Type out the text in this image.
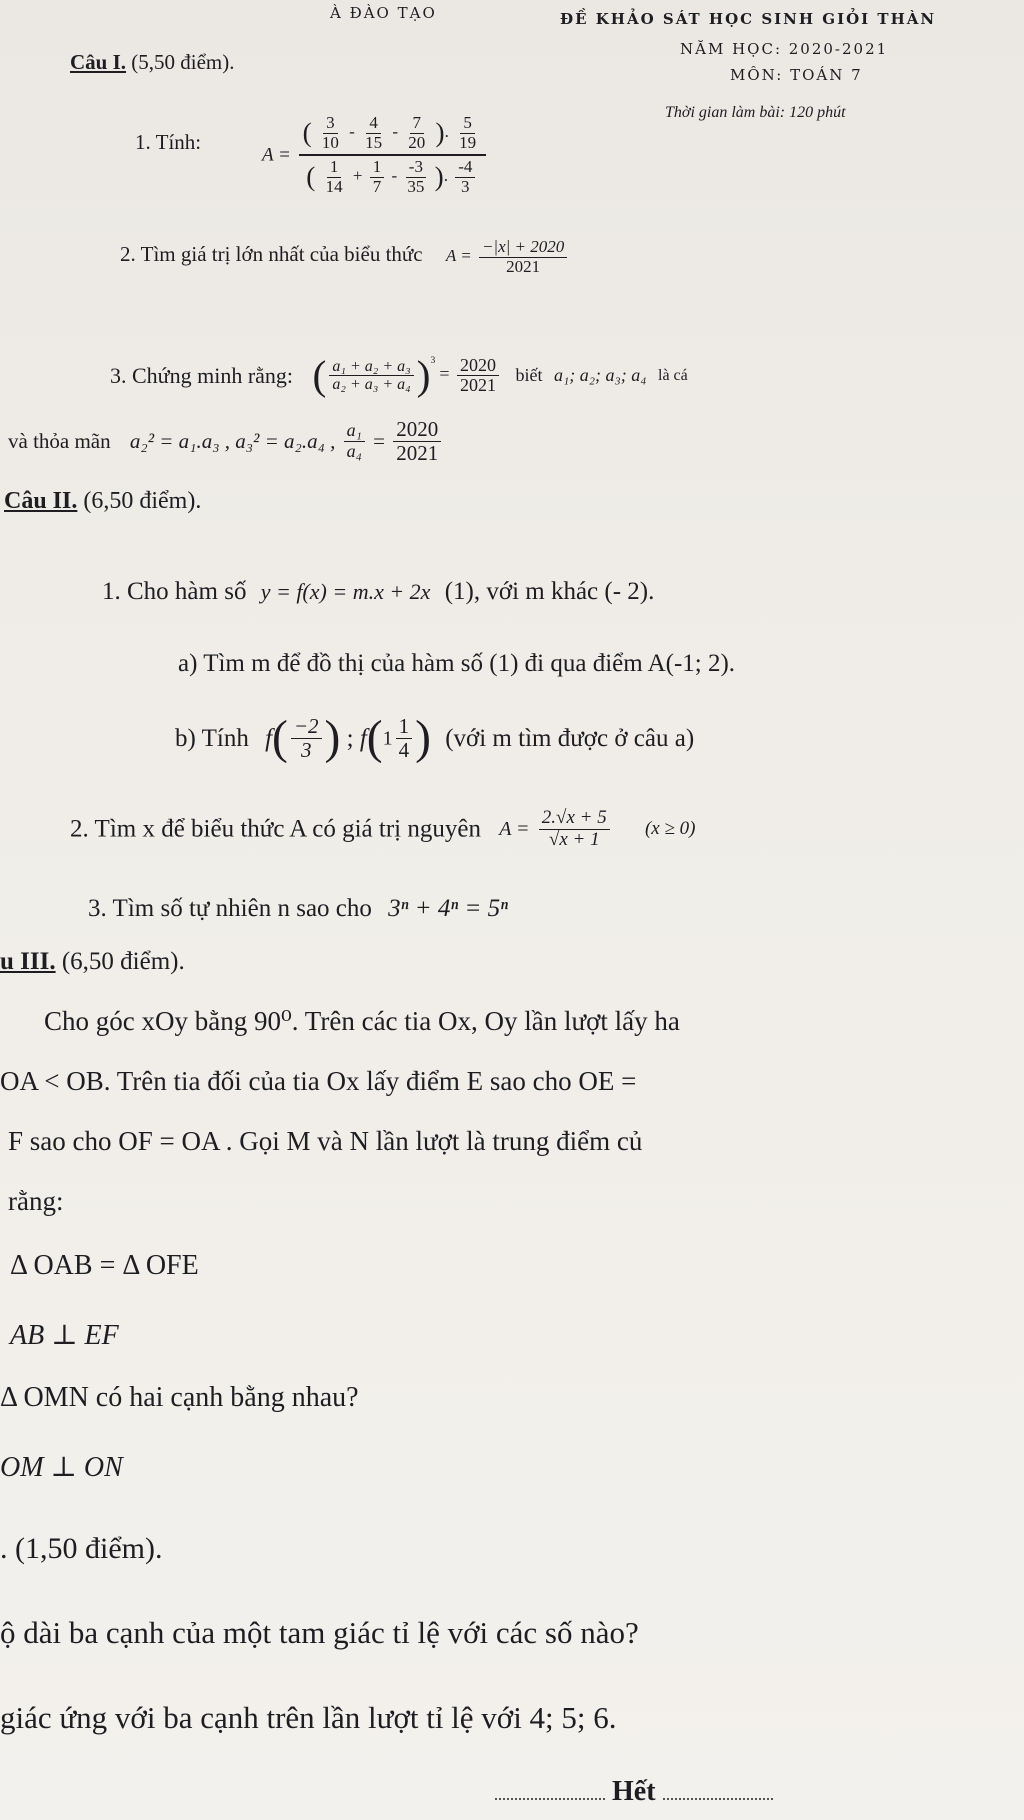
À ĐÀO TẠO	ĐỀ KHẢO SÁT HỌC SINH GIỎI THÀN
NĂM HỌC: 2020-2021
MÔN: TOÁN 7
Thời gian làm bài: 120 phút
Câu I. (5,50 điểm).
1. Tính:
A =
( $\frac{3}{10} - \frac{4}{15} - \frac{7}{20}$ ). $\frac{5}{19}$
( $\frac{1}{14} + \frac{1}{7} - \frac{-3}{35}$ ). $\frac{-4}{3}$
2. Tìm giá trị lớn nhất của biểu thức $A = \frac{-|x| + 2020}{2021}$
3. Chứng minh rằng: ( $\frac{\text{a₁ + a₂ + a₃}}{\text{a₂ + a₃ + a₄}} )^3 = \frac{2020}{2021}$ biết a₁; a₂; a₃; a₄ là cá
và thỏa mãn a₂² = a₁.a₃ , a₃² = a₂.a₄ , $\frac{\text{a₁}}{\text{a₄}} = \frac{2020}{2021}$
Câu II. (6,50 điểm).
1. Cho hàm số y = f(x) = m.x + 2x (1), với m khác (- 2).
a) Tìm m để đồ thị của hàm số (1) đi qua điểm A(-1; 2).
b) Tính $f( \frac{-2}{3}$ ) ; $f(1 \frac{1}{4}$ ) (với m tìm được ở câu a)
2. Tìm x để biểu thức A có giá trị nguyên $A = \frac{2.√x + 5}{√x + 1} (x \ge 0)$
3. Tìm số tự nhiên n sao cho 3ⁿ + 4ⁿ = 5ⁿ
u III. (6,50 điểm).
Cho góc xOy bằng 90⁰. Trên các tia Ox, Oy lần lượt lấy ha
OA < OB. Trên tia đối của tia Ox lấy điểm E sao cho OE =
F sao cho OF = OA . Gọi M và N lần lượt là trung điểm củ
rằng:
Δ OAB = Δ OFE
AB ⊥ EF
Δ OMN có hai cạnh bằng nhau?
OM ⊥ ON
. (1,50 điểm).
ộ dài ba cạnh của một tam giác tỉ lệ với các số nào?
giác ứng với ba cạnh trên lần lượt tỉ lệ với 4; 5; 6.
Hết
